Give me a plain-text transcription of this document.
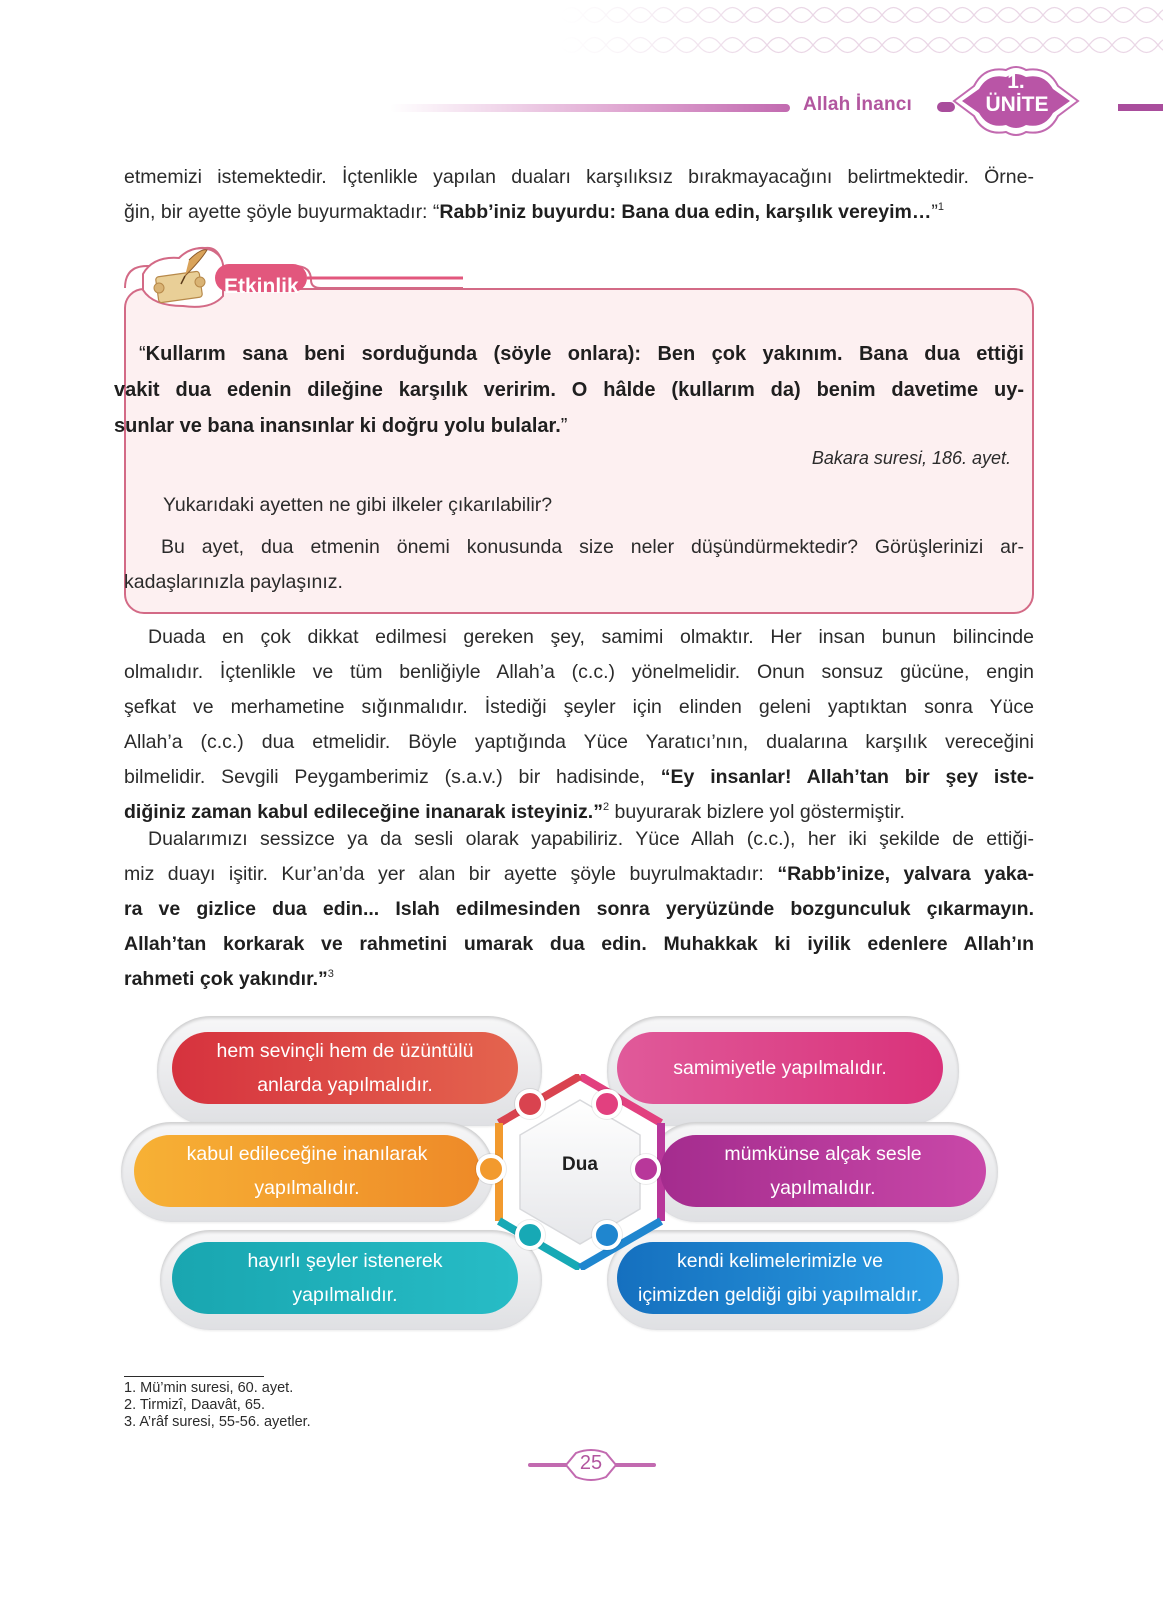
Allah İnancı
1.
ÜNİTE
etmemizi istemektedir. İçtenlikle yapılan duaları karşılıksız bırakmayacağını belirtmektedir. Örne-
ğin, bir ayette şöyle buyurmaktadır: “Rabb’iniz buyurdu: Bana dua edin, karşılık vereyim…”$^1$
Etkinlik
“Kullarım sana beni sorduğunda (söyle onlara): Ben çok yakınım. Bana dua ettiği
vakit dua edenin dileğine karşılık veririm. O hâlde (kullarım da) benim davetime uy-
sunlar ve bana inansınlar ki doğru yolu bulalar.”
Bakara suresi, 186. ayet.
Yukarıdaki ayetten ne gibi ilkeler çıkarılabilir?
Bu ayet, dua etmenin önemi konusunda size neler düşündürmektedir? Görüşlerinizi ar-
kadaşlarınızla paylaşınız.
Duada en çok dikkat edilmesi gereken şey, samimi olmaktır. Her insan bunun bilincinde
olmalıdır. İçtenlikle ve tüm benliğiyle Allah’a (c.c.) yönelmelidir. Onun sonsuz gücüne, engin
şefkat ve merhametine sığınmalıdır. İstediği şeyler için elinden geleni yaptıktan sonra Yüce
Allah’a (c.c.) dua etmelidir. Böyle yaptığında Yüce Yaratıcı’nın, dualarına karşılık vereceğini
bilmelidir. Sevgili Peygamberimiz (s.a.v.) bir hadisinde, “Ey insanlar! Allah’tan bir şey iste-
diğiniz zaman kabul edileceğine inanarak isteyiniz.”$^2$ buyurarak bizlere yol göstermiştir.
Dualarımızı sessizce ya da sesli olarak yapabiliriz. Yüce Allah (c.c.), her iki şekilde de ettiği-
miz duayı işitir. Kur’an’da yer alan bir ayette şöyle buyrulmaktadır: “Rabb’inize, yalvara yaka-
ra ve gizlice dua edin... Islah edilmesinden sonra yeryüzünde bozgunculuk çıkarmayın.
Allah’tan korkarak ve rahmetini umarak dua edin. Muhakkak ki iyilik edenlere Allah’ın
rahmeti çok yakındır.”$^3$
Dua
hem sevinçli hem de üzüntülü
anlarda yapılmalıdır.
samimiyetle yapılmalıdır.
kabul edileceğine inanılarak
yapılmalıdır.
mümkünse alçak sesle
yapılmalıdır.
hayırlı şeyler istenerek
yapılmalıdır.
kendi kelimelerimizle ve
içimizden geldiği gibi yapılmaldır.
1. Mü’min suresi, 60. ayet.
2. Tirmizî, Daavât, 65.
3. A’râf suresi, 55-56. ayetler.
25
